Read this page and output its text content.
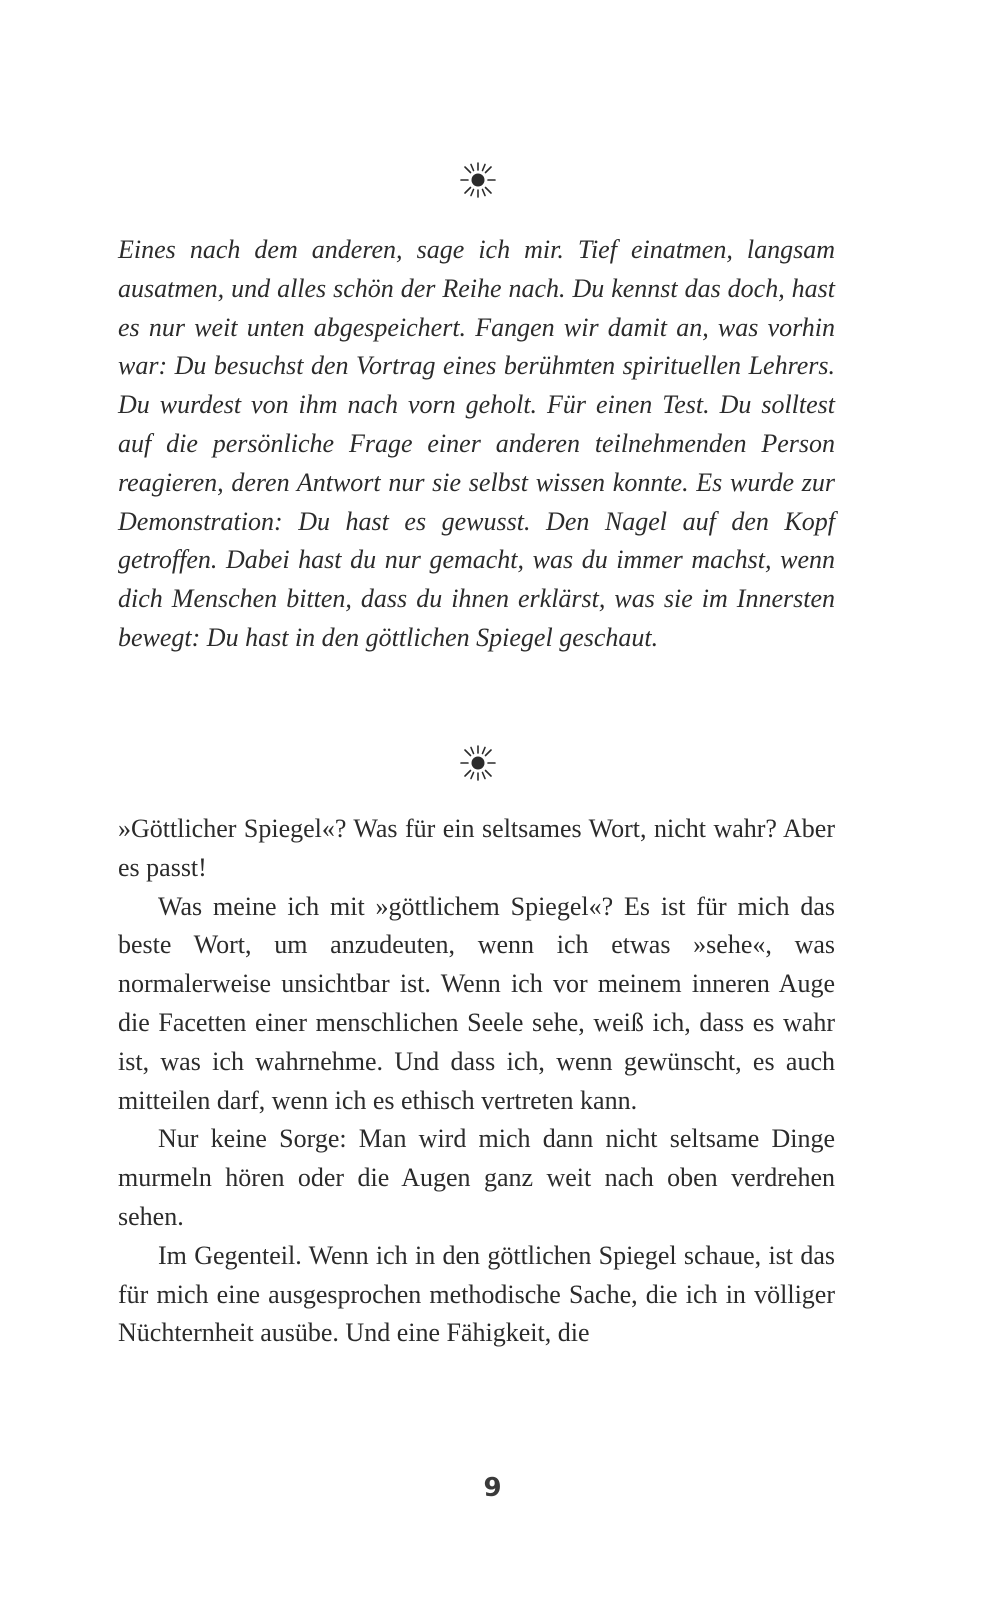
Eines nach dem anderen, sage ich mir. Tief einatmen, langsam ausatmen, und alles schön der Reihe nach. Du kennst das doch, hast es nur weit unten abgespeichert. Fangen wir damit an, was vorhin war: Du besuchst den Vortrag eines berühmten spirituellen Lehrers. Du wurdest von ihm nach vorn geholt. Für einen Test. Du solltest auf die persönliche Frage einer anderen teilnehmenden Person reagieren, deren Antwort nur sie selbst wissen konnte. Es wurde zur Demonstration: Du hast es gewusst. Den Nagel auf den Kopf getroffen. Dabei hast du nur gemacht, was du immer machst, wenn dich Menschen bitten, dass du ihnen erklärst, was sie im Innersten bewegt: Du hast in den göttlichen Spiegel geschaut.

»Göttlicher Spiegel«? Was für ein seltsames Wort, nicht wahr? Aber es passt!

Was meine ich mit »göttlichem Spiegel«? Es ist für mich das beste Wort, um anzudeuten, wenn ich etwas »sehe«, was normalerweise unsichtbar ist. Wenn ich vor meinem inneren Auge die Facetten einer menschlichen Seele sehe, weiß ich, dass es wahr ist, was ich wahrnehme. Und dass ich, wenn gewünscht, es auch mitteilen darf, wenn ich es ethisch vertreten kann.

Nur keine Sorge: Man wird mich dann nicht seltsame Dinge murmeln hören oder die Augen ganz weit nach oben verdrehen sehen.

Im Gegenteil. Wenn ich in den göttlichen Spiegel schaue, ist das für mich eine ausgesprochen methodische Sache, die ich in völliger Nüchternheit ausübe. Und eine Fähigkeit, die

9
